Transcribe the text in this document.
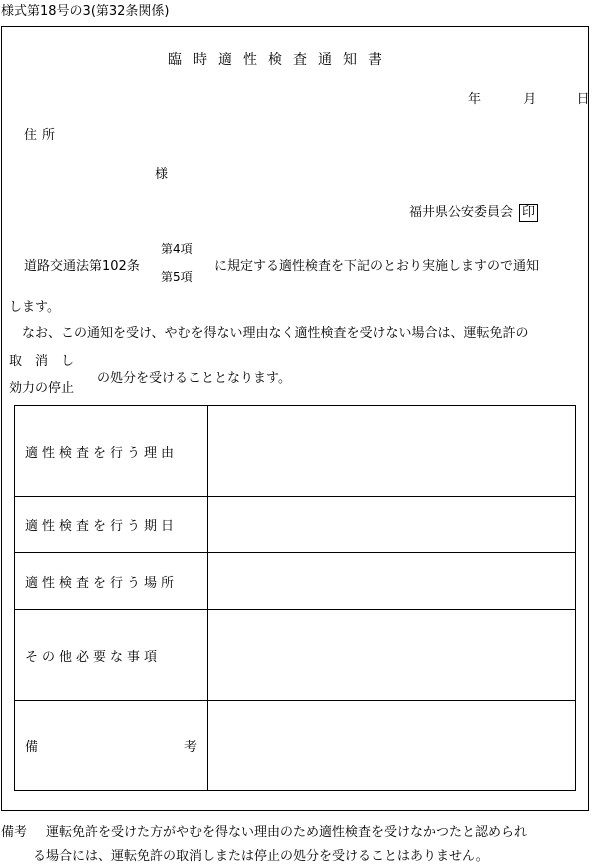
様式第18号の3(第32条関係)
臨時適性検査通知書
年	月	日
住所
様
福井県公安委員会 印
道路交通法第102条
第4項
第5項
に規定する適性検査を下記のとおり実施しますので通知
します。
　なお、この通知を受け、やむを得ない理由なく適性検査を受けない場合は、運転免許の
取　消　し
効力の停止
の処分を受けることとなります。
適性検査を行う理由	
適性検査を行う期日	
適性検査を行う場所	
その他必要な事項	

備 考	

備考 運転免許を受けた方がやむを得ない理由のため適性検査を受けなかつたと認められ
る場合には、運転免許の取消しまたは停止の処分を受けることはありません。
